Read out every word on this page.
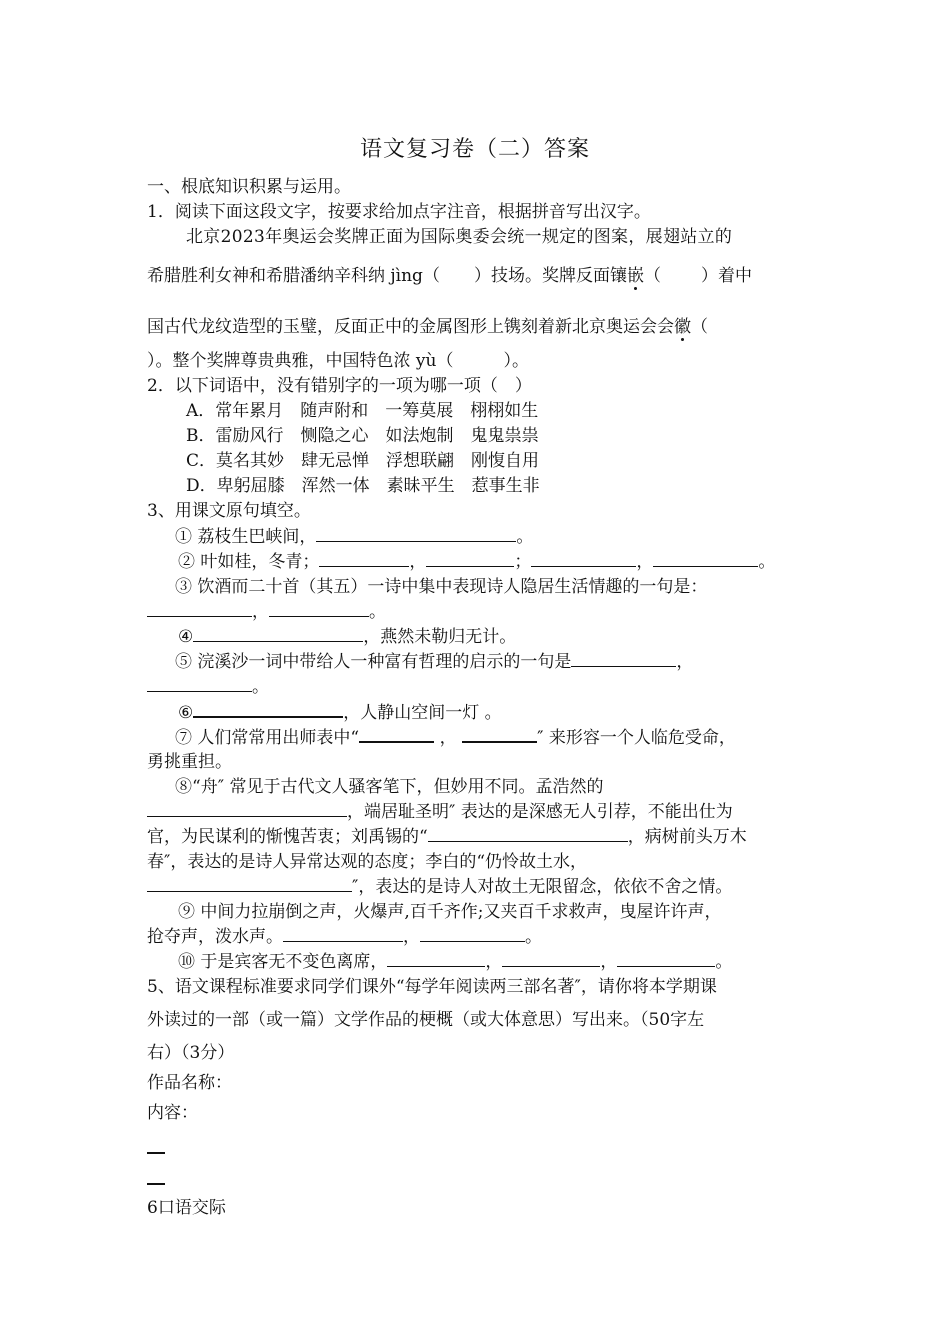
语文复习卷（二）答案
一、根底知识积累与运用。
1．阅读下面这段文字，按要求给加点字注音，根据拼音写出汉字。
北京2023年奥运会奖牌正面为国际奥委会统一规定的图案，展翅站立的
希腊胜利女神和希腊潘纳辛科纳 jìng（ ）技场。奖牌反面镶嵌（ ）着中
国古代龙纹造型的玉璧，反面正中的金属图形上镌刻着新北京奥运会会徽（
）。整个奖牌尊贵典雅，中国特色浓 yù（	）。
2．以下词语中，没有错别字的一项为哪一项（　）
A．常年累月　随声附和　一筹莫展　栩栩如生
B．雷励风行　恻隐之心　如法炮制　鬼鬼祟祟
C．莫名其妙　肆无忌惮　浮想联翩　刚愎自用
D．卑躬屈膝　浑然一体　素昧平生　惹事生非
3、用课文原句填空。
① 荔枝生巴峡间，	。
② 叶如桂，冬青；	，	；	，	。
③ 饮酒而二十首（其五）一诗中集中表现诗人隐居生活情趣的一句是：
，	。
④	，燕然未勒归无计。
⑤ 浣溪沙一词中带给人一种富有哲理的启示的一句是	，
。
⑥	，人静山空间一灯 。
⑦ 人们常常用出师表中“	，	″ 来形容一个人临危受命，
勇挑重担。
⑧“舟″ 常见于古代文人骚客笔下，但妙用不同。孟浩然的
，端居耻圣明″ 表达的是深感无人引荐，不能出仕为
官，为民谋利的惭愧苦衷；刘禹锡的“	，病树前头万木
春″，表达的是诗人异常达观的态度；李白的“仍怜故土水，
″，表达的是诗人对故土无限留念，依依不舍之情。
⑨ 中间力拉崩倒之声，火爆声,百千齐作;又夹百千求救声，曳屋许许声，
抢夺声，泼水声。	，	。
⑩ 于是宾客无不变色离席，	，	，	。
5、语文课程标准要求同学们课外“每学年阅读两三部名著″，请你将本学期课
外读过的一部（或一篇）文学作品的梗概（或大体意思）写出来。（50字左
右）（3分）
作品名称：
内容：
6口语交际
